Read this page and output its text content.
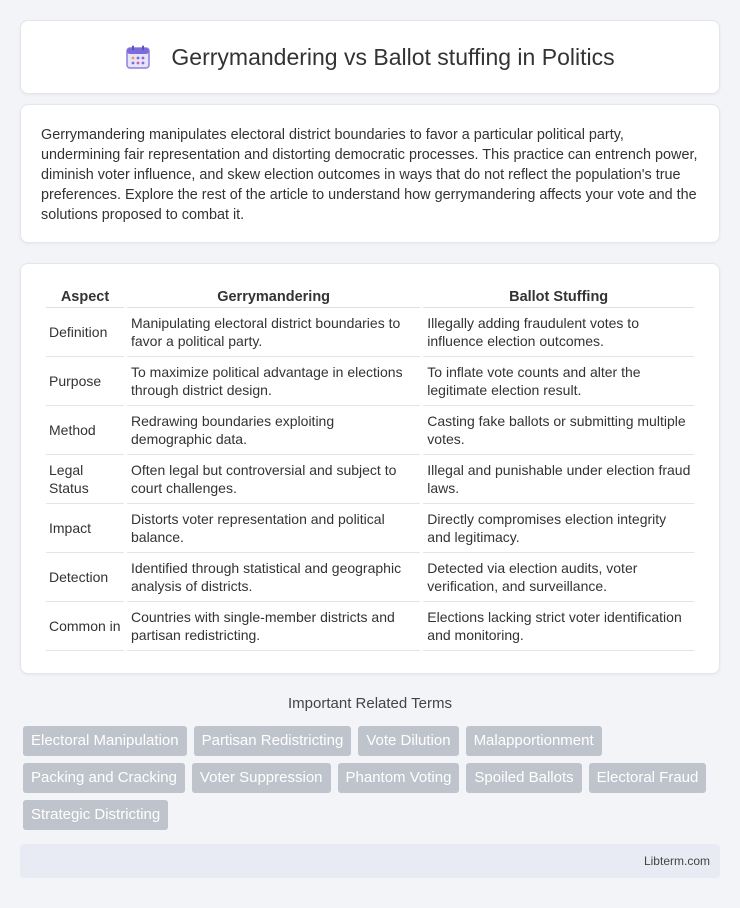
Gerrymandering vs Ballot stuffing in Politics

Gerrymandering manipulates electoral district boundaries to favor a particular political party, undermining fair representation and distorting democratic processes. This practice can entrench power, diminish voter influence, and skew election outcomes in ways that do not reflect the population's true preferences. Explore the rest of the article to understand how gerrymandering affects your vote and the solutions proposed to combat it.

Aspect	Gerrymandering	Ballot Stuffing
Definition	Manipulating electoral district boundaries to favor a political party.	Illegally adding fraudulent votes to influence election outcomes.
Purpose	To maximize political advantage in elections through district design.	To inflate vote counts and alter the legitimate election result.
Method	Redrawing boundaries exploiting demographic data.	Casting fake ballots or submitting multiple votes.
Legal Status	Often legal but controversial and subject to court challenges.	Illegal and punishable under election fraud laws.
Impact	Distorts voter representation and political balance.	Directly compromises election integrity and legitimacy.
Detection	Identified through statistical and geographic analysis of districts.	Detected via election audits, voter verification, and surveillance.
Common in	Countries with single-member districts and partisan redistricting.	Elections lacking strict voter identification and monitoring.
Important Related Terms
Electoral Manipulation	Partisan Redistricting	Vote Dilution	Malapportionment
Packing and Cracking	Voter Suppression	Phantom Voting	Spoiled Ballots	Electoral Fraud
Strategic Districting
Libterm.com
